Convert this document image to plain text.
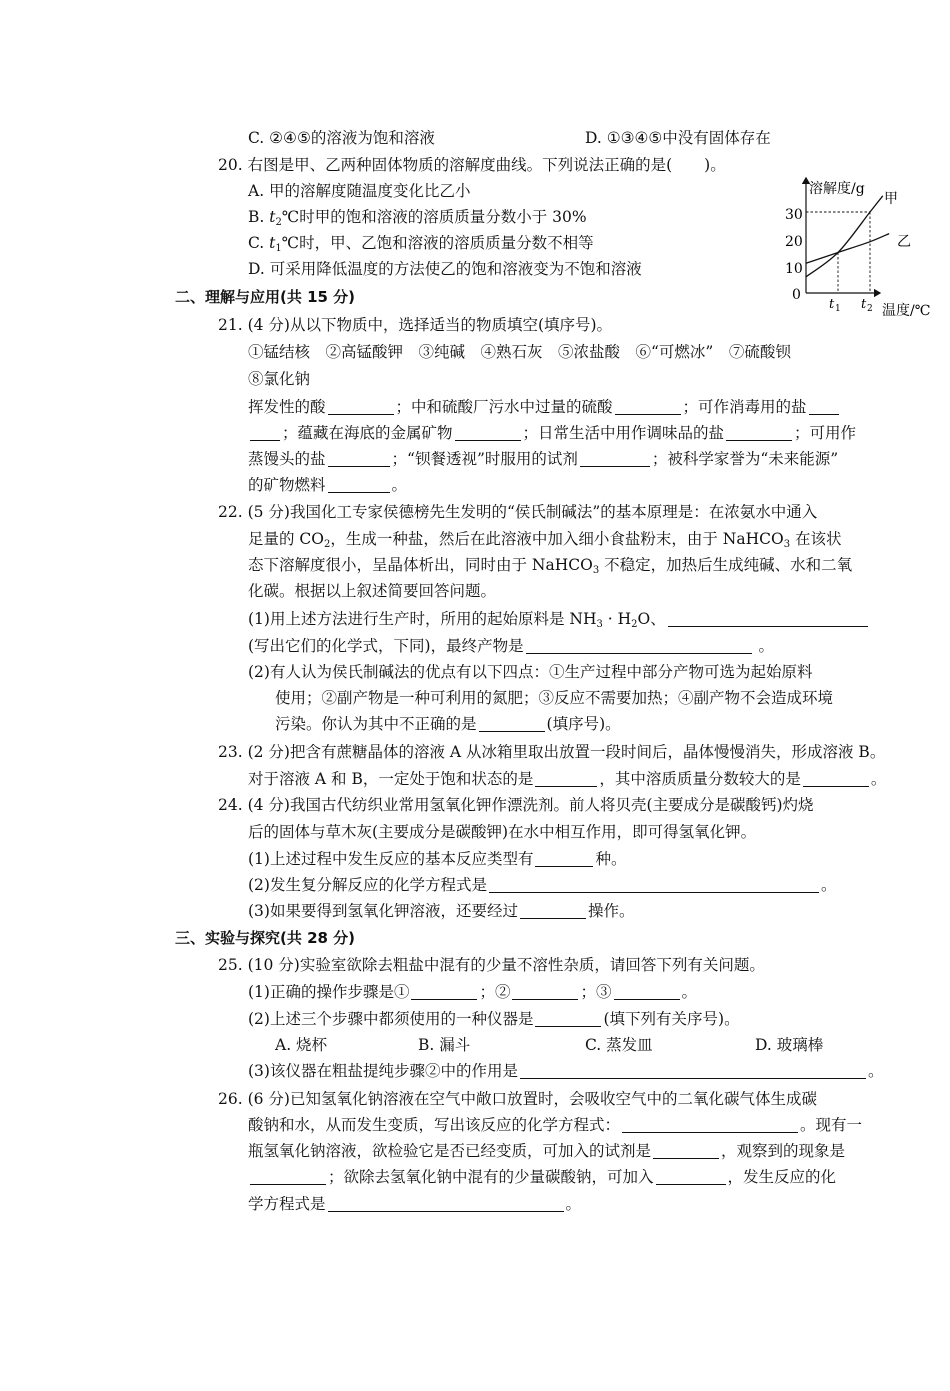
C. ②④⑤的溶液为饱和溶液	D. ①③④⑤中没有固体存在
20. 右图是甲、乙两种固体物质的溶解度曲线。下列说法正确的是( )。
A. 甲的溶解度随温度变化比乙小
B. $t_2℃$时甲的饱和溶液的溶质质量分数小于 30%
C. $t_1℃$时，甲、乙饱和溶液的溶质质量分数不相等
D. 可采用降低温度的方法使乙的饱和溶液变为不饱和溶液
溶解度/g
温度/℃
30
20
10
0
t 1 t 2
甲
乙
二、理解与应用(共 15 分)
21. (4 分)从以下物质中，选择适当的物质填空(填序号)。
①锰结核　②高锰酸钾　③纯碱　④熟石灰　⑤浓盐酸　⑥“可燃冰”　⑦硫酸钡
⑧氯化钠
挥发性的酸	；中和硫酸厂污水中过量的硫酸	；可作消毒用的盐
；蕴藏在海底的金属矿物	；日常生活中用作调味品的盐	；可用作
蒸馒头的盐	；“钡餐透视”时服用的试剂	；被科学家誉为“未来能源”
的矿物燃料	。
22. (5 分)我国化工专家侯德榜先生发明的“侯氏制碱法”的基本原理是：在浓氨水中通入
足量的 $CO_2$，生成一种盐，然后在此溶液中加入细小食盐粉末，由于 NaHCO$_3$ 在该状
态下溶解度很小，呈晶体析出，同时由于 NaHCO$_3$ 不稳定，加热后生成纯碱、水和二氧
化碳。根据以上叙述简要回答问题。
(1)用上述方法进行生产时，所用的起始原料是 $NH_3 \cdot H_2O$、
(写出它们的化学式，下同)，最终产物是	。
(2)有人认为侯氏制碱法的优点有以下四点：①生产过程中部分产物可选为起始原料
使用；②副产物是一种可利用的氮肥；③反应不需要加热；④副产物不会造成环境
污染。你认为其中不正确的是	(填序号)。
23. (2 分)把含有蔗糖晶体的溶液 A 从冰箱里取出放置一段时间后，晶体慢慢消失，形成溶液 B。
对于溶液 A 和 B，一定处于饱和状态的是	，其中溶质质量分数较大的是	。
24. (4 分)我国古代纺织业常用氢氧化钾作漂洗剂。前人将贝壳(主要成分是碳酸钙)灼烧
后的固体与草木灰(主要成分是碳酸钾)在水中相互作用，即可得氢氧化钾。
(1)上述过程中发生反应的基本反应类型有	种。
(2)发生复分解反应的化学方程式是	。
(3)如果要得到氢氧化钾溶液，还要经过	操作。
三、实验与探究(共 28 分)
25. (10 分)实验室欲除去粗盐中混有的少量不溶性杂质，请回答下列有关问题。
(1)正确的操作步骤是①	；②	；③	。
(2)上述三个步骤中都须使用的一种仪器是	(填下列有关序号)。
A. 烧杯	B. 漏斗	C. 蒸发皿	D. 玻璃棒
(3)该仪器在粗盐提纯步骤②中的作用是	。
26. (6 分)已知氢氧化钠溶液在空气中敞口放置时，会吸收空气中的二氧化碳气体生成碳
酸钠和水，从而发生变质，写出该反应的化学方程式：	。现有一
瓶氢氧化钠溶液，欲检验它是否已经变质，可加入的试剂是	，观察到的现象是
；欲除去氢氧化钠中混有的少量碳酸钠，可加入	，发生反应的化
学方程式是	。
